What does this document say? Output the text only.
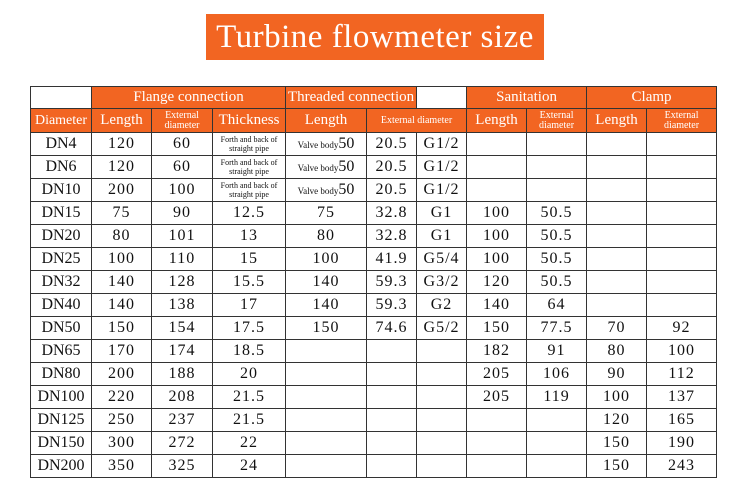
Turbine flowmeter size
	Flange connection			Threaded connection			Sanitation		Clamp	
Diameter	Length	External diameter	Thickness	Length	External diameter		Length	External diameter	Length	External diameter
DN4	120	60	Forth and back of straight pipe	Valve body50	20.5	G1/2				
DN6	120	60	Forth and back of straight pipe	Valve body50	20.5	G1/2				
DN10	200	100	Forth and back of straight pipe	Valve body50	20.5	G1/2				
DN15	75	90	12.5	75	32.8	G1	100	50.5		
DN20	80	101	13	80	32.8	G1	100	50.5		
DN25	100	110	15	100	41.9	G5/4	100	50.5		
DN32	140	128	15.5	140	59.3	G3/2	120	50.5		
DN40	140	138	17	140	59.3	G2	140	64		
DN50	150	154	17.5	150	74.6	G5/2	150	77.5	70	92
DN65	170	174	18.5				182	91	80	100
DN80	200	188	20				205	106	90	112
DN100	220	208	21.5				205	119	100	137
DN125	250	237	21.5						120	165
DN150	300	272	22						150	190
DN200	350	325	24						150	243
